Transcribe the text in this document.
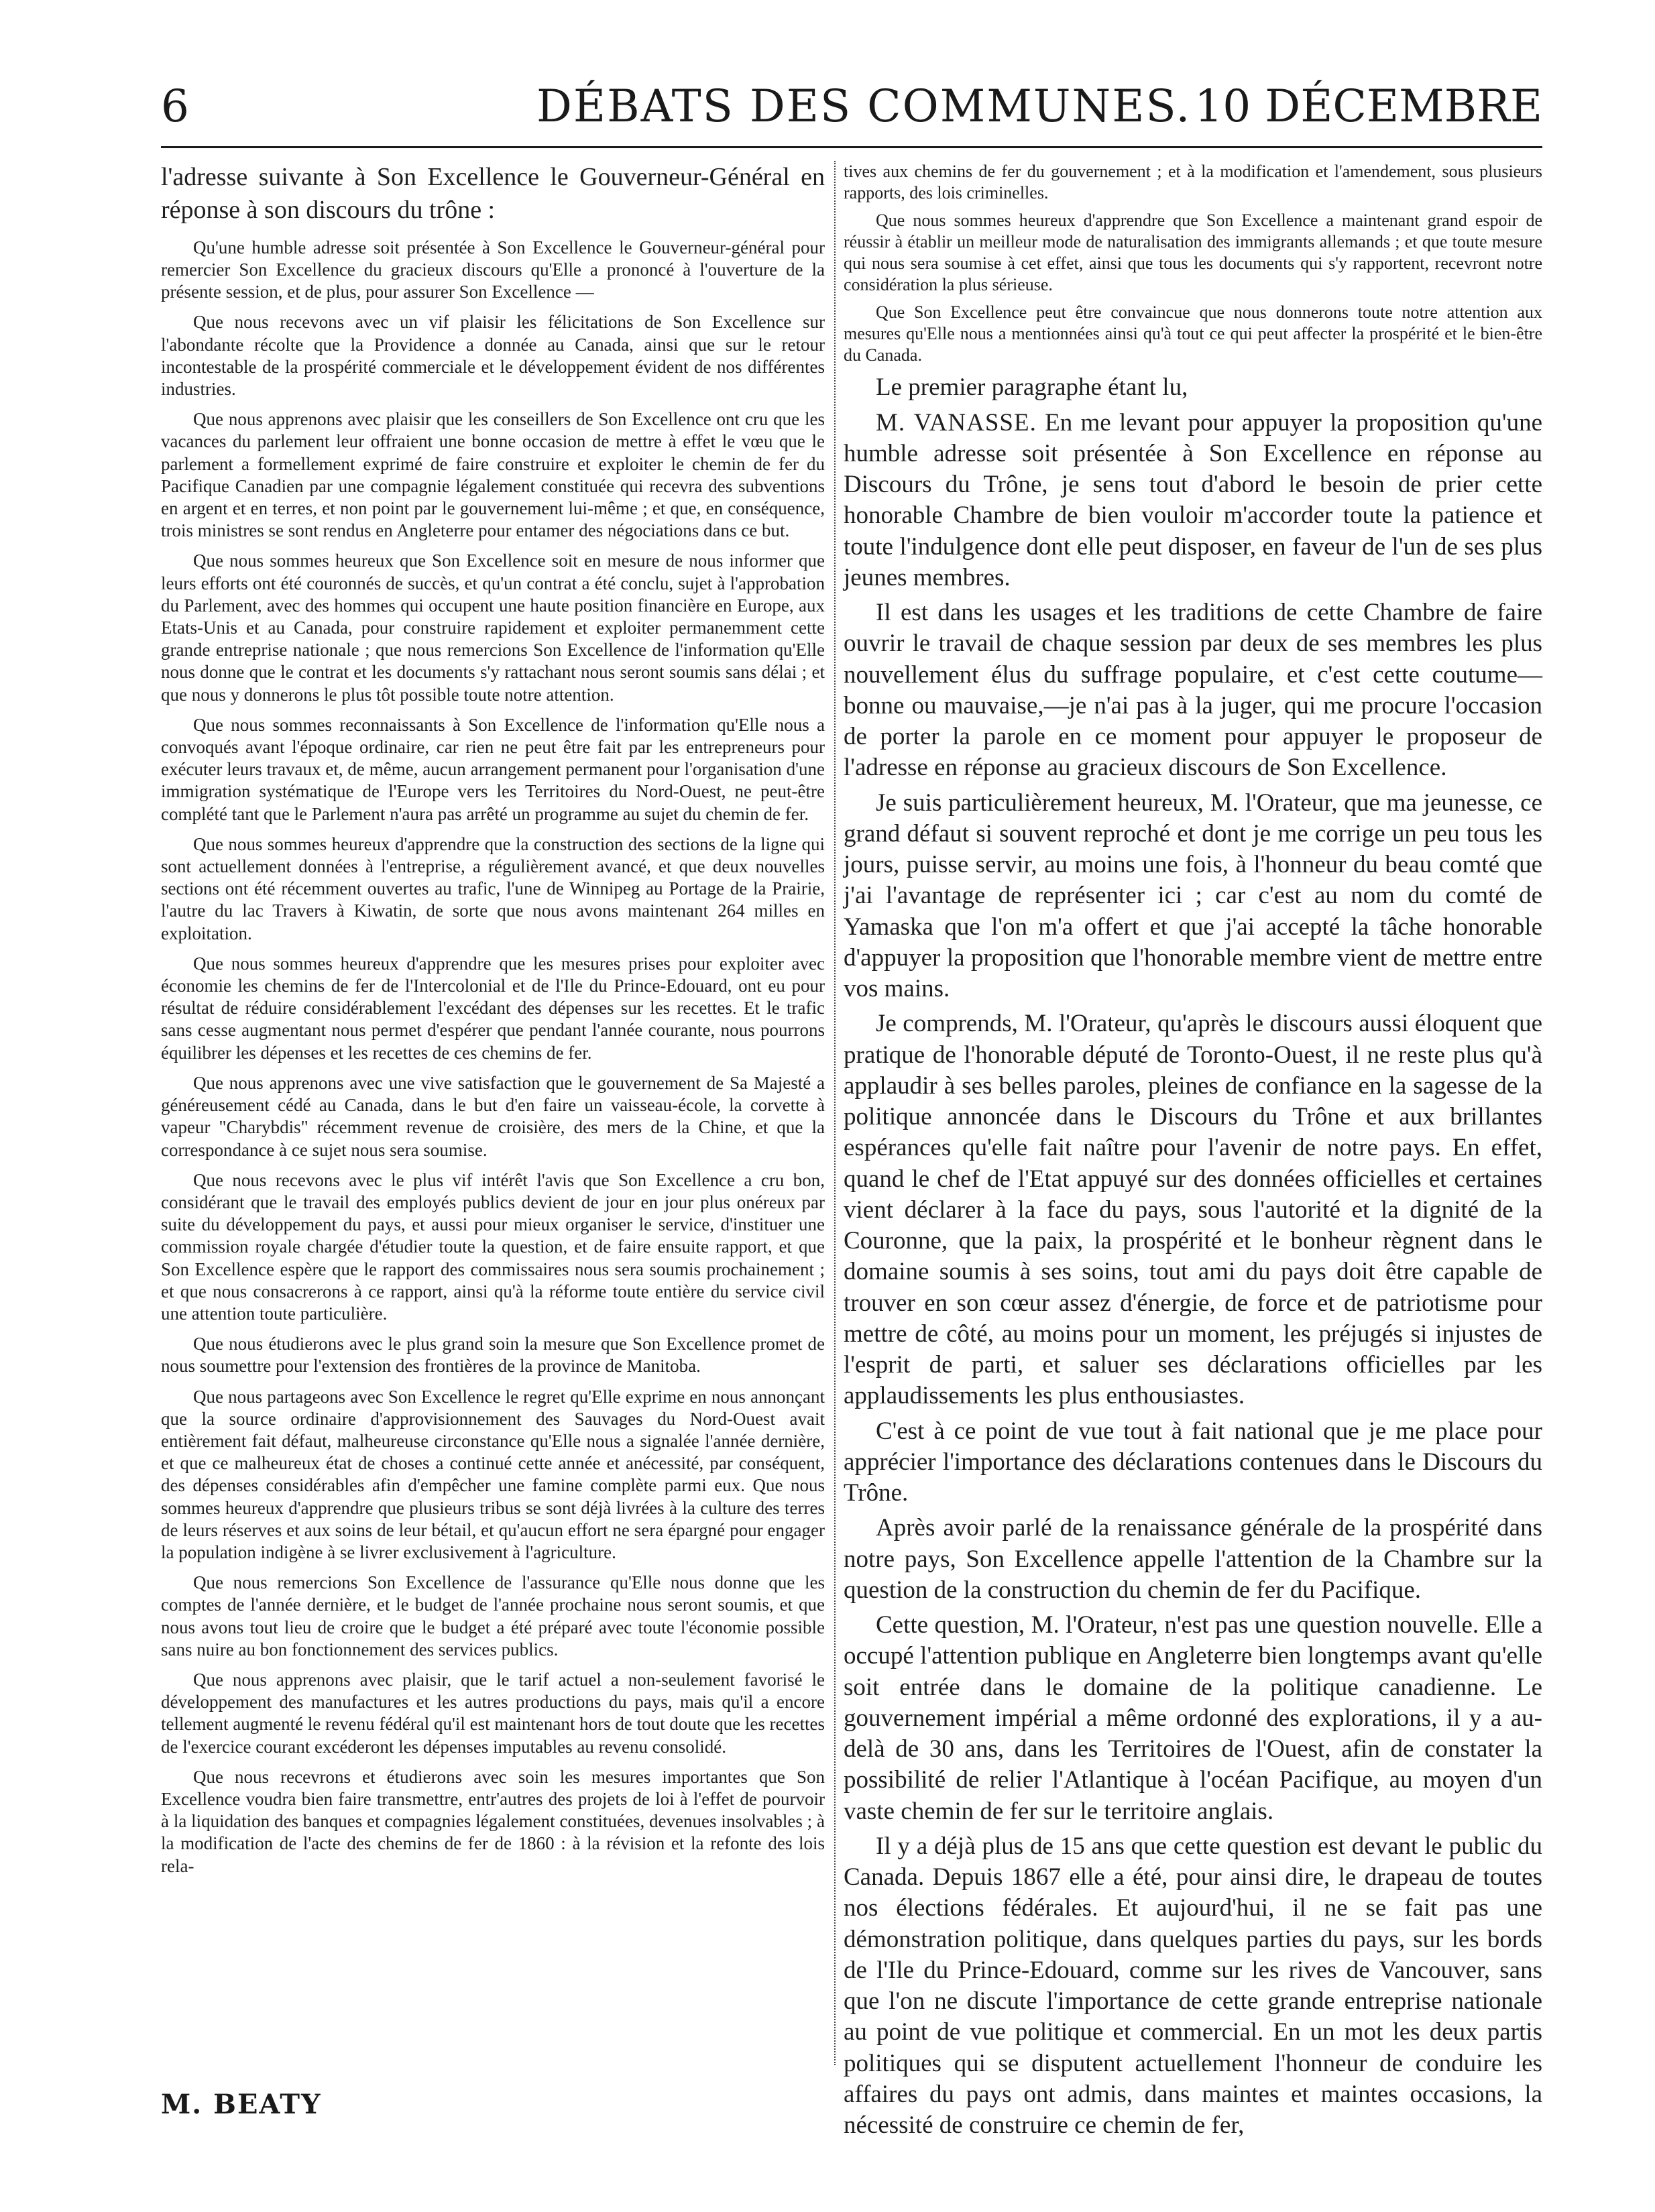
6	DÉBATS DES COMMUNES. 10 DÉCEMBRE

l'adresse suivante à Son Excellence le Gouverneur-Général en réponse à son discours du trône :

Qu'une humble adresse soit présentée à Son Excellence le Gouverneur-général pour remercier Son Excellence du gracieux discours qu'Elle a prononcé à l'ouverture de la présente session, et de plus, pour assurer Son Excellence —

Que nous recevons avec un vif plaisir les félicitations de Son Excellence sur l'abondante récolte que la Providence a donnée au Canada, ainsi que sur le retour incontestable de la prospérité commerciale et le développement évident de nos différentes industries.

Que nous apprenons avec plaisir que les conseillers de Son Excellence ont cru que les vacances du parlement leur offraient une bonne occasion de mettre à effet le vœu que le parlement a formellement exprimé de faire construire et exploiter le chemin de fer du Pacifique Canadien par une compagnie légalement constituée qui recevra des subventions en argent et en terres, et non point par le gouvernement lui-même ; et que, en conséquence, trois ministres se sont rendus en Angleterre pour entamer des négociations dans ce but.

Que nous sommes heureux que Son Excellence soit en mesure de nous informer que leurs efforts ont été couronnés de succès, et qu'un contrat a été conclu, sujet à l'approbation du Parlement, avec des hommes qui occupent une haute position financière en Europe, aux Etats-Unis et au Canada, pour construire rapidement et exploiter permanemment cette grande entreprise nationale ; que nous remercions Son Excellence de l'information qu'Elle nous donne que le contrat et les documents s'y rattachant nous seront soumis sans délai ; et que nous y donnerons le plus tôt possible toute notre attention.

Que nous sommes reconnaissants à Son Excellence de l'information qu'Elle nous a convoqués avant l'époque ordinaire, car rien ne peut être fait par les entrepreneurs pour exécuter leurs travaux et, de même, aucun arrangement permanent pour l'organisation d'une immigration systématique de l'Europe vers les Territoires du Nord-Ouest, ne peut-être complété tant que le Parlement n'aura pas arrêté un programme au sujet du chemin de fer.

Que nous sommes heureux d'apprendre que la construction des sections de la ligne qui sont actuellement données à l'entreprise, a régulièrement avancé, et que deux nouvelles sections ont été récemment ouvertes au trafic, l'une de Winnipeg au Portage de la Prairie, l'autre du lac Travers à Kiwatin, de sorte que nous avons maintenant 264 milles en exploitation.

Que nous sommes heureux d'apprendre que les mesures prises pour exploiter avec économie les chemins de fer de l'Intercolonial et de l'Ile du Prince-Edouard, ont eu pour résultat de réduire considérablement l'excédant des dépenses sur les recettes. Et le trafic sans cesse augmentant nous permet d'espérer que pendant l'année courante, nous pourrons équilibrer les dépenses et les recettes de ces chemins de fer.

Que nous apprenons avec une vive satisfaction que le gouvernement de Sa Majesté a généreusement cédé au Canada, dans le but d'en faire un vaisseau-école, la corvette à vapeur "Charybdis" récemment revenue de croisière, des mers de la Chine, et que la correspondance à ce sujet nous sera soumise.

Que nous recevons avec le plus vif intérêt l'avis que Son Excellence a cru bon, considérant que le travail des employés publics devient de jour en jour plus onéreux par suite du développement du pays, et aussi pour mieux organiser le service, d'instituer une commission royale chargée d'étudier toute la question, et de faire ensuite rapport, et que Son Excellence espère que le rapport des commissaires nous sera soumis prochainement ; et que nous consacrerons à ce rapport, ainsi qu'à la réforme toute entière du service civil une attention toute particulière.

Que nous étudierons avec le plus grand soin la mesure que Son Excellence promet de nous soumettre pour l'extension des frontières de la province de Manitoba.

Que nous partageons avec Son Excellence le regret qu'Elle exprime en nous annonçant que la source ordinaire d'approvisionnement des Sauvages du Nord-Ouest avait entièrement fait défaut, malheureuse circonstance qu'Elle nous a signalée l'année dernière, et que ce malheureux état de choses a continué cette année et anécessité, par conséquent, des dépenses considérables afin d'empêcher une famine complète parmi eux. Que nous sommes heureux d'apprendre que plusieurs tribus se sont déjà livrées à la culture des terres de leurs réserves et aux soins de leur bétail, et qu'aucun effort ne sera épargné pour engager la population indigène à se livrer exclusivement à l'agriculture.

Que nous remercions Son Excellence de l'assurance qu'Elle nous donne que les comptes de l'année dernière, et le budget de l'année prochaine nous seront soumis, et que nous avons tout lieu de croire que le budget a été préparé avec toute l'économie possible sans nuire au bon fonctionnement des services publics.

Que nous apprenons avec plaisir, que le tarif actuel a non-seulement favorisé le développement des manufactures et les autres productions du pays, mais qu'il a encore tellement augmenté le revenu fédéral qu'il est maintenant hors de tout doute que les recettes de l'exercice courant excéderont les dépenses imputables au revenu consolidé.

Que nous recevrons et étudierons avec soin les mesures importantes que Son Excellence voudra bien faire transmettre, entr'autres des projets de loi à l'effet de pourvoir à la liquidation des banques et compagnies légalement constituées, devenues insolvables ; à la modification de l'acte des chemins de fer de 1860 : à la révision et la refonte des lois rela-

tives aux chemins de fer du gouvernement ; et à la modification et l'amendement, sous plusieurs rapports, des lois criminelles.

Que nous sommes heureux d'apprendre que Son Excellence a maintenant grand espoir de réussir à établir un meilleur mode de naturalisation des immigrants allemands ; et que toute mesure qui nous sera soumise à cet effet, ainsi que tous les documents qui s'y rapportent, recevront notre considération la plus sérieuse.

Que Son Excellence peut être convaincue que nous donnerons toute notre attention aux mesures qu'Elle nous a mentionnées ainsi qu'à tout ce qui peut affecter la prospérité et le bien-être du Canada.

Le premier paragraphe étant lu,

M. VANASSE. En me levant pour appuyer la proposition qu'une humble adresse soit présentée à Son Excellence en réponse au Discours du Trône, je sens tout d'abord le besoin de prier cette honorable Chambre de bien vouloir m'accorder toute la patience et toute l'indulgence dont elle peut disposer, en faveur de l'un de ses plus jeunes membres.

Il est dans les usages et les traditions de cette Chambre de faire ouvrir le travail de chaque session par deux de ses membres les plus nouvellement élus du suffrage populaire, et c'est cette coutume—bonne ou mauvaise,—je n'ai pas à la juger, qui me procure l'occasion de porter la parole en ce moment pour appuyer le proposeur de l'adresse en réponse au gracieux discours de Son Excellence.

Je suis particulièrement heureux, M. l'Orateur, que ma jeunesse, ce grand défaut si souvent reproché et dont je me corrige un peu tous les jours, puisse servir, au moins une fois, à l'honneur du beau comté que j'ai l'avantage de représenter ici ; car c'est au nom du comté de Yamaska que l'on m'a offert et que j'ai accepté la tâche honorable d'appuyer la proposition que l'honorable membre vient de mettre entre vos mains.

Je comprends, M. l'Orateur, qu'après le discours aussi éloquent que pratique de l'honorable député de Toronto-Ouest, il ne reste plus qu'à applaudir à ses belles paroles, pleines de confiance en la sagesse de la politique annoncée dans le Discours du Trône et aux brillantes espérances qu'elle fait naître pour l'avenir de notre pays. En effet, quand le chef de l'Etat appuyé sur des données officielles et certaines vient déclarer à la face du pays, sous l'autorité et la dignité de la Couronne, que la paix, la prospérité et le bonheur règnent dans le domaine soumis à ses soins, tout ami du pays doit être capable de trouver en son cœur assez d'énergie, de force et de patriotisme pour mettre de côté, au moins pour un moment, les préjugés si injustes de l'esprit de parti, et saluer ses déclarations officielles par les applaudissements les plus enthousiastes.

C'est à ce point de vue tout à fait national que je me place pour apprécier l'importance des déclarations contenues dans le Discours du Trône.

Après avoir parlé de la renaissance générale de la prospérité dans notre pays, Son Excellence appelle l'attention de la Chambre sur la question de la construction du chemin de fer du Pacifique.

Cette question, M. l'Orateur, n'est pas une question nouvelle. Elle a occupé l'attention publique en Angleterre bien longtemps avant qu'elle soit entrée dans le domaine de la politique canadienne. Le gouvernement impérial a même ordonné des explorations, il y a au-delà de 30 ans, dans les Territoires de l'Ouest, afin de constater la possibilité de relier l'Atlantique à l'océan Pacifique, au moyen d'un vaste chemin de fer sur le territoire anglais.

Il y a déjà plus de 15 ans que cette question est devant le public du Canada. Depuis 1867 elle a été, pour ainsi dire, le drapeau de toutes nos élections fédérales. Et aujourd'hui, il ne se fait pas une démonstration politique, dans quelques parties du pays, sur les bords de l'Ile du Prince-Edouard, comme sur les rives de Vancouver, sans que l'on ne discute l'importance de cette grande entreprise nationale au point de vue politique et commercial. En un mot les deux partis politiques qui se disputent actuellement l'honneur de conduire les affaires du pays ont admis, dans maintes et maintes occasions, la nécessité de construire ce chemin de fer,

M. BEATY
